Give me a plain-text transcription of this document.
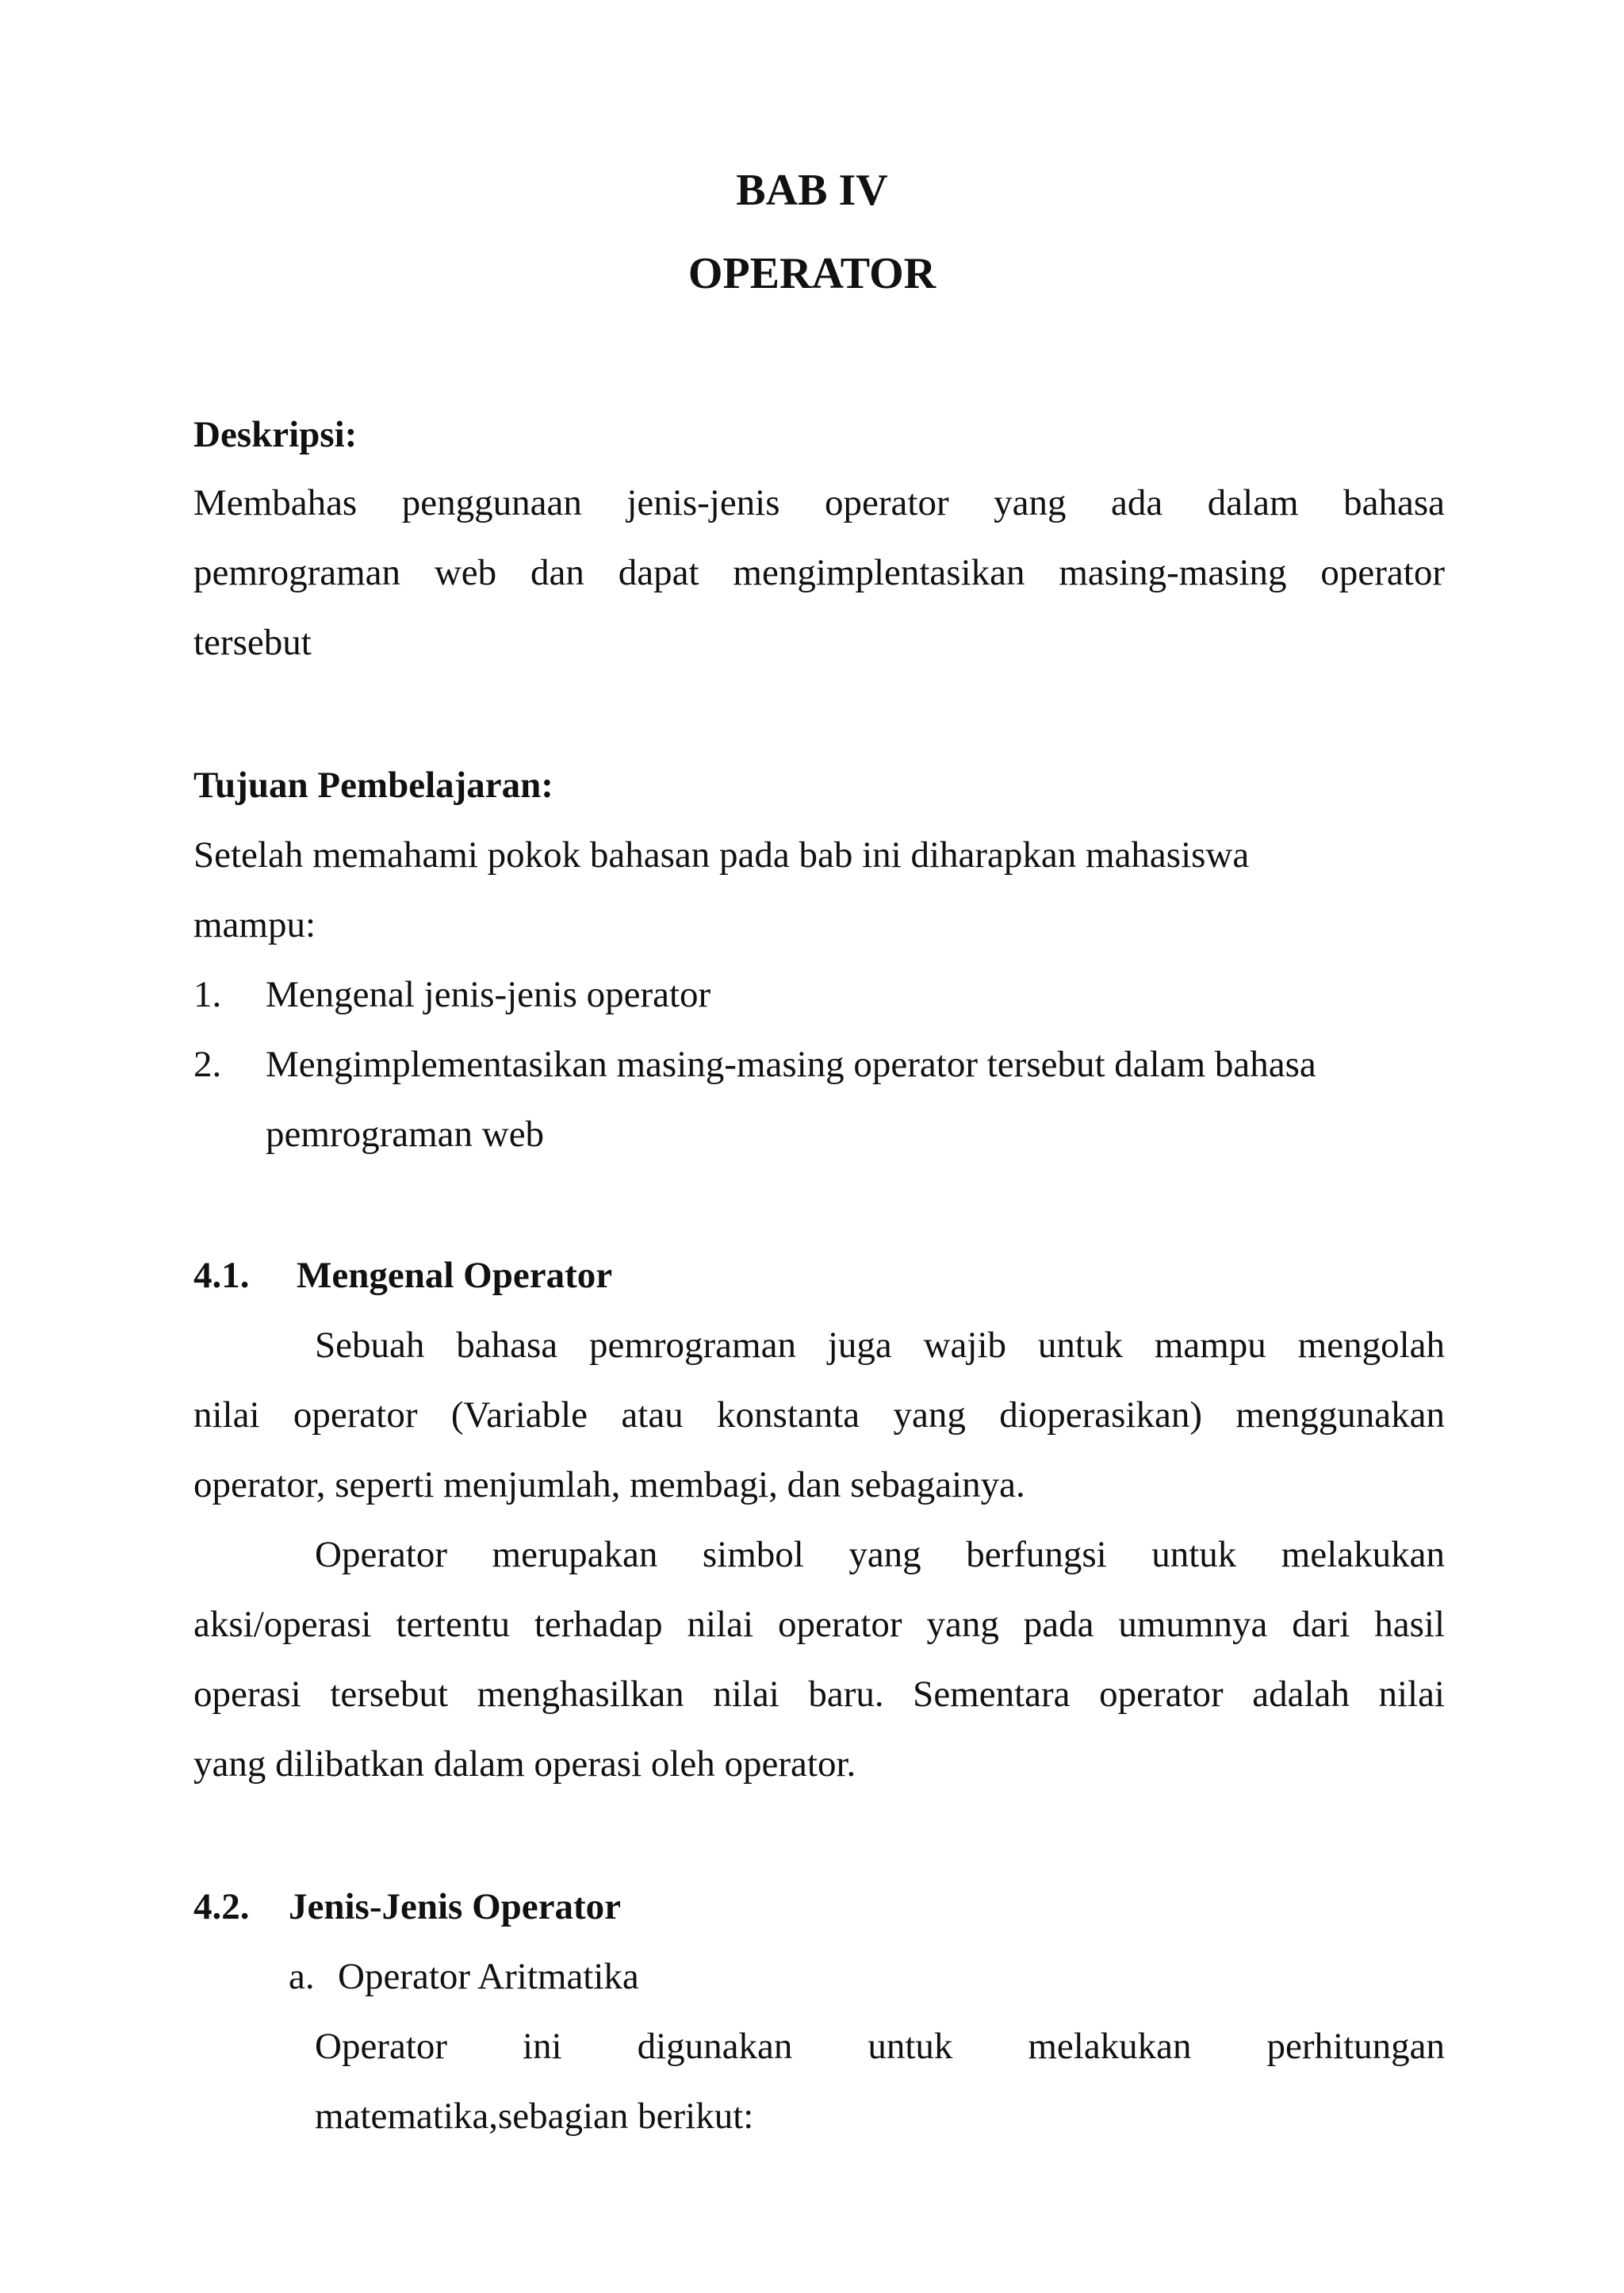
BAB IV
OPERATOR
Deskripsi:
Membahas penggunaan jenis-jenis operator yang ada dalam bahasa
pemrograman web dan dapat mengimplentasikan masing-masing operator
tersebut
Tujuan Pembelajaran:
Setelah memahami pokok bahasan pada bab ini diharapkan mahasiswa
mampu:
1. Mengenal jenis-jenis operator
2. Mengimplementasikan masing-masing operator tersebut dalam bahasa
pemrograman web
4.1. Mengenal Operator
Sebuah bahasa pemrograman juga wajib untuk mampu mengolah
nilai operator (Variable atau konstanta yang dioperasikan) menggunakan
operator, seperti menjumlah, membagi, dan sebagainya.
Operator merupakan simbol yang berfungsi untuk melakukan
aksi/operasi tertentu terhadap nilai operator yang pada umumnya dari hasil
operasi tersebut menghasilkan nilai baru. Sementara operator adalah nilai
yang dilibatkan dalam operasi oleh operator.
4.2. Jenis-Jenis Operator
a. Operator Aritmatika
Operator ini digunakan untuk melakukan perhitungan
matematika,sebagian berikut:
